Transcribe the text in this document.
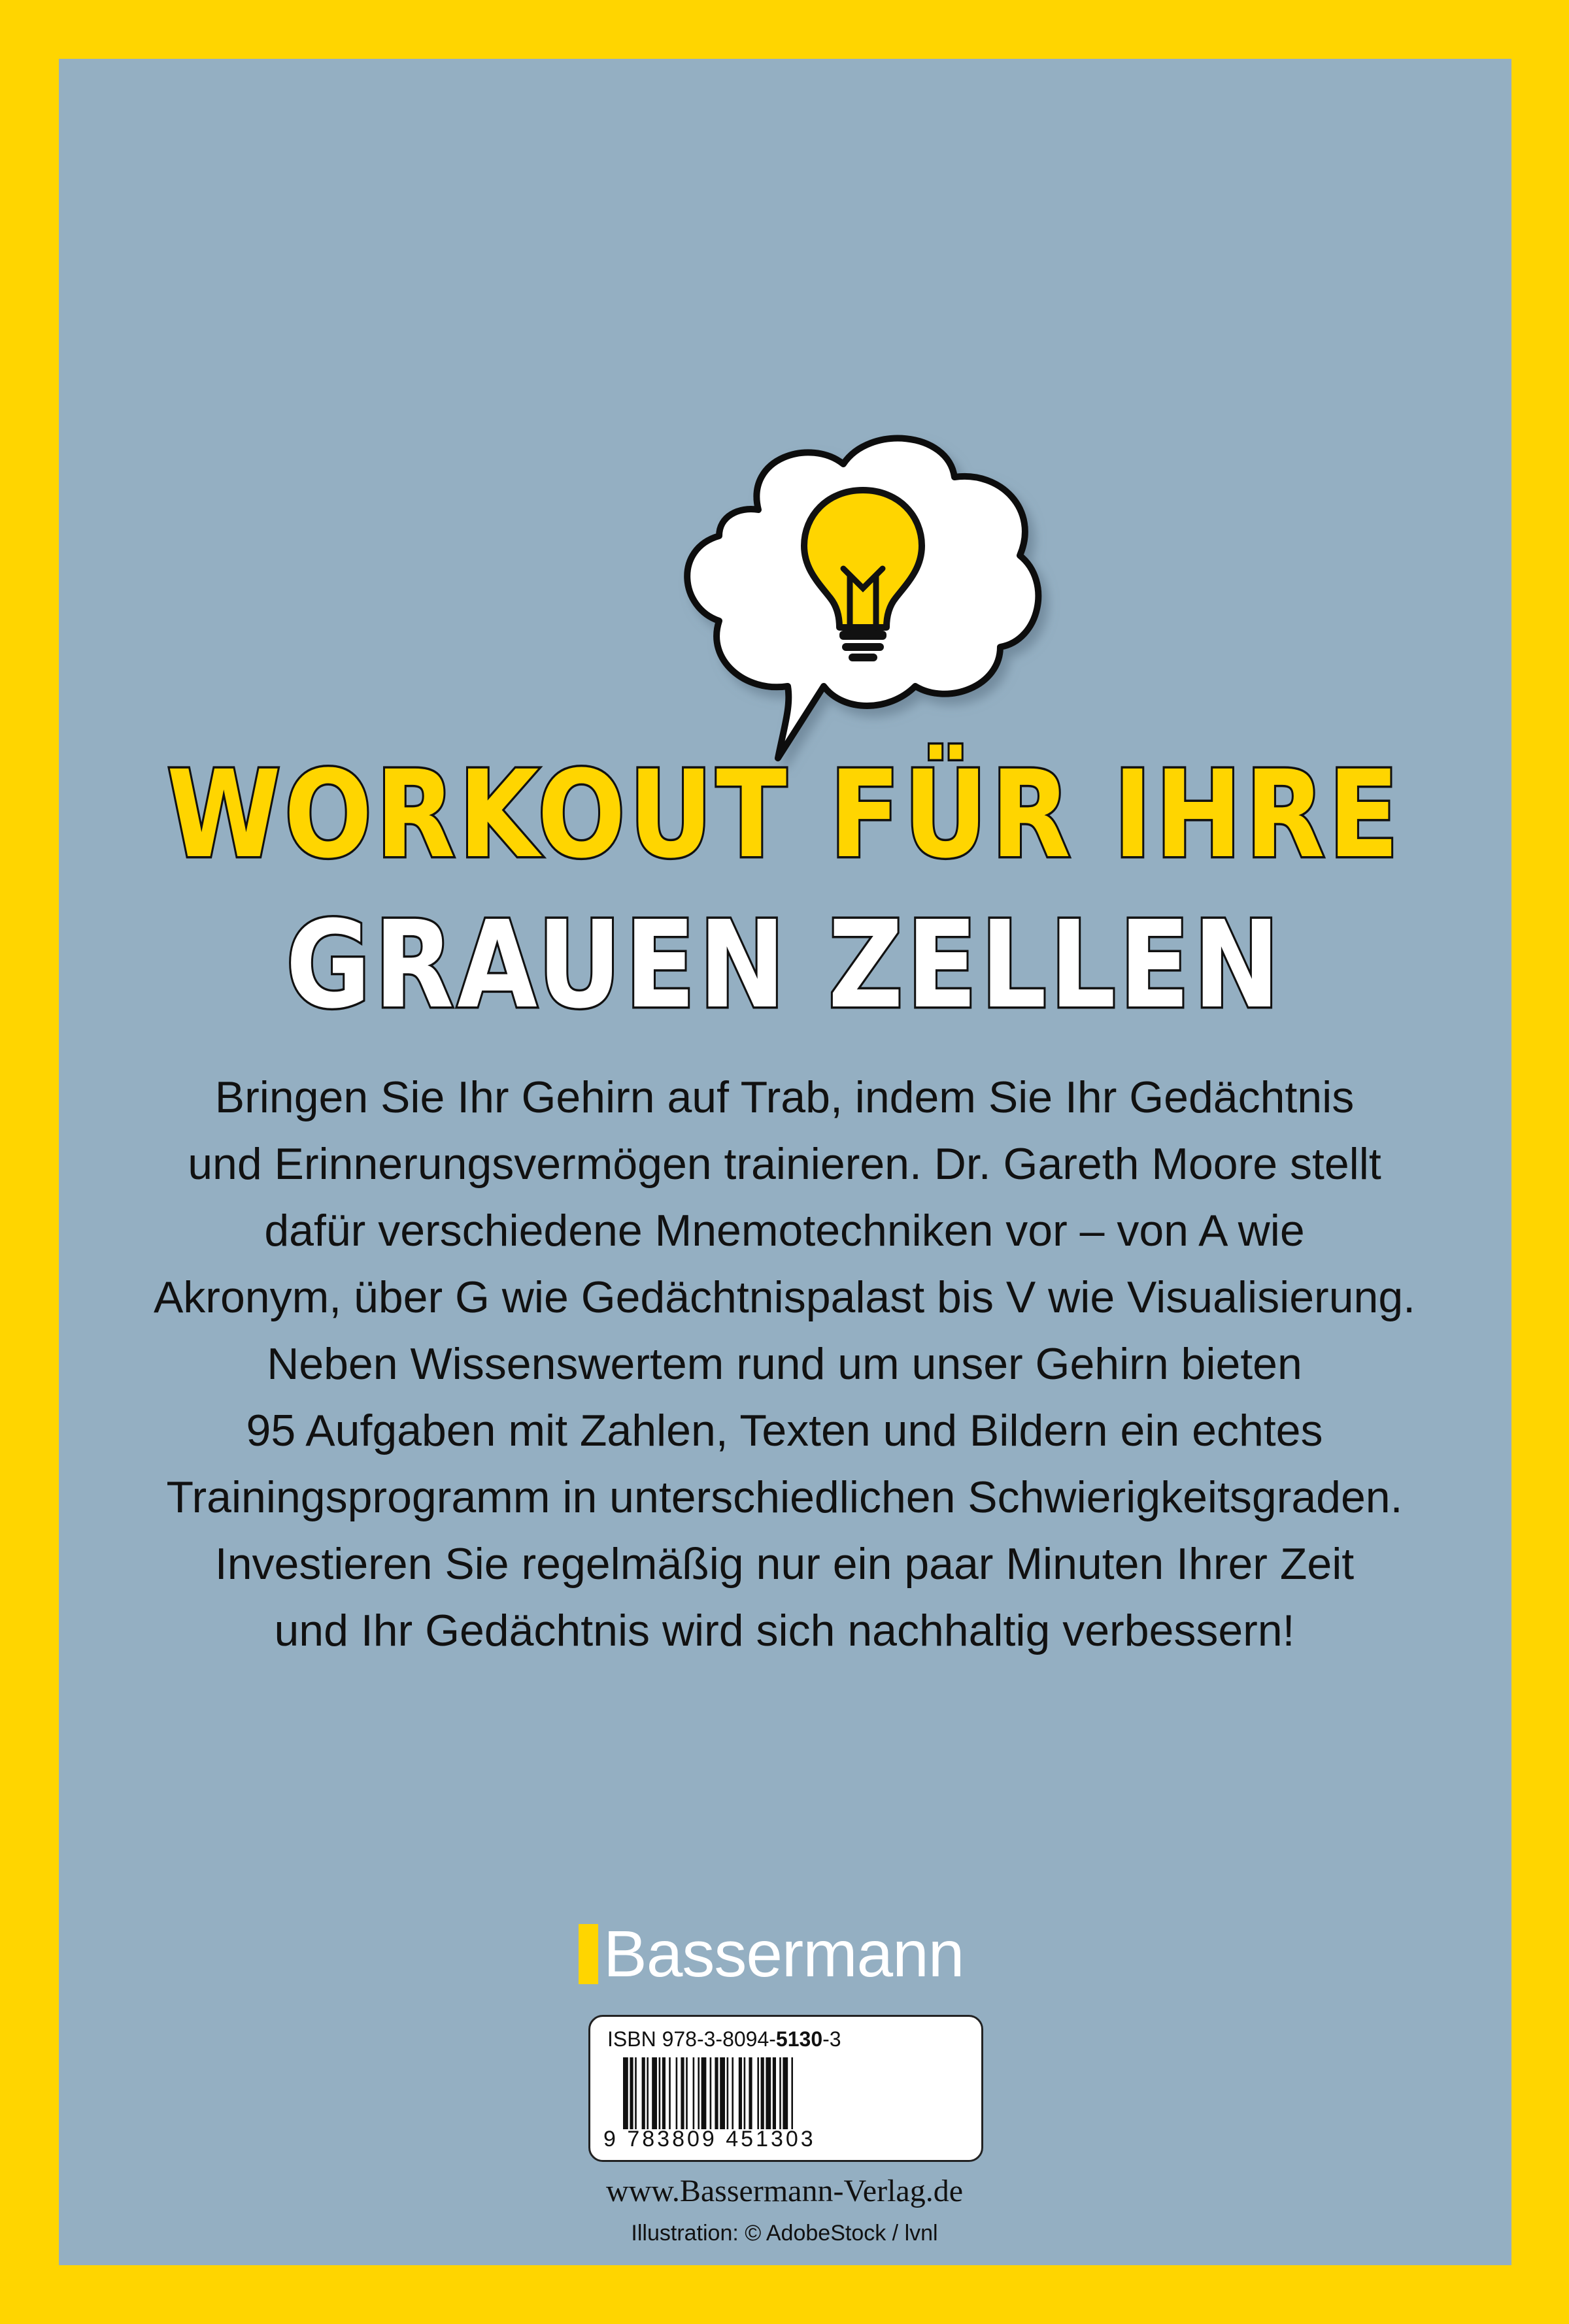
WORKOUT FÜR IHRE
GRAUEN ZELLEN
Bringen Sie Ihr Gehirn auf Trab, indem Sie Ihr Gedächtnis
und Erinnerungsvermögen trainieren. Dr. Gareth Moore stellt
dafür verschiedene Mnemotechniken vor – von A wie
Akronym, über G wie Gedächtnispalast bis V wie Visualisierung.
Neben Wissenswertem rund um unser Gehirn bieten
95 Aufgaben mit Zahlen, Texten und Bildern ein echtes
Trainingsprogramm in unterschiedlichen Schwierigkeitsgraden.
Investieren Sie regelmäßig nur ein paar Minuten Ihrer Zeit
und Ihr Gedächtnis wird sich nachhaltig verbessern!
Bassermann
ISBN 978-3-8094-5130-3
9 783809 451303
www.Bassermann-Verlag.de
Illustration: © AdobeStock / lvnl
